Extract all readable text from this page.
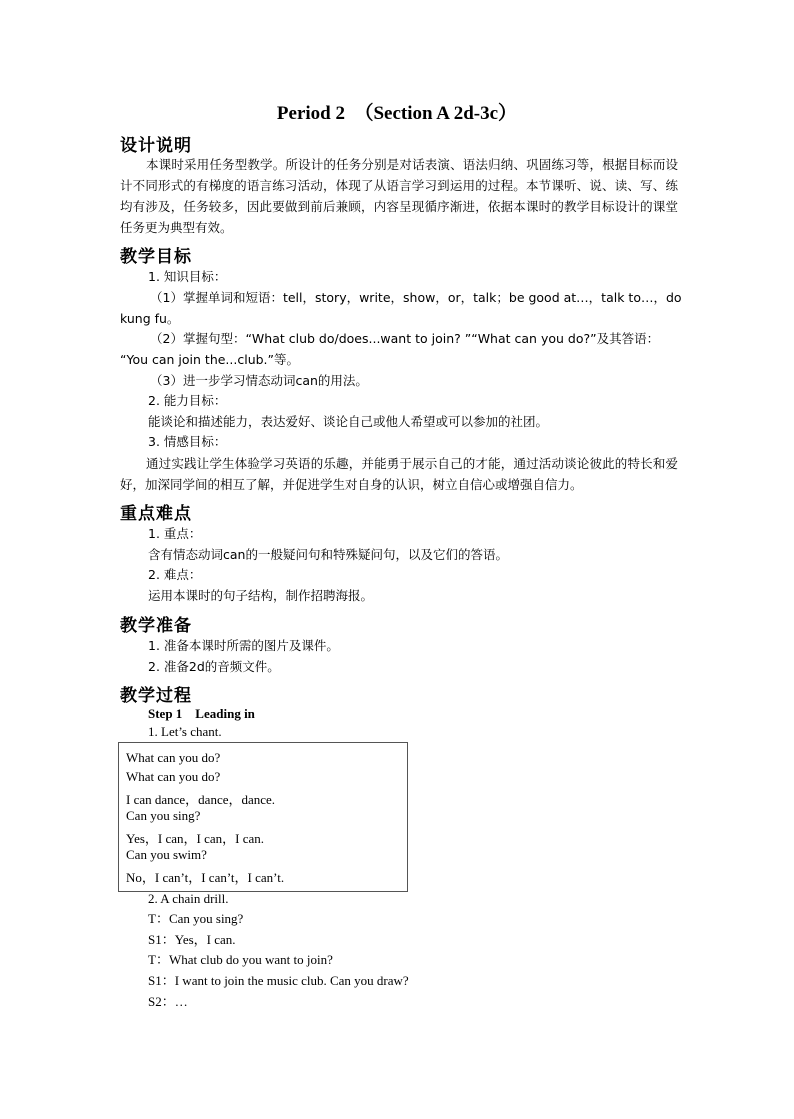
Period 2　（Section A 2d-3c）
设计说明
本课时采用任务型教学。所设计的任务分别是对话表演、语法归纳、巩固练习等，根据目标而设计不同形式的有梯度的语言练习活动，体现了从语言学习到运用的过程。本节课听、说、读、写、练均有涉及，任务较多，因此要做到前后兼顾，内容呈现循序渐进，依据本课时的教学目标设计的课堂任务更为典型有效。
教学目标
1. 知识目标：
（1）掌握单词和短语：tell，story，write，show，or，talk；be good at…，talk to…，do
kung fu。
（2）掌握句型：“What club do/does...want to join? ”“What can you do?”及其答语：
“You can join the...club.”等。
（3）进一步学习情态动词can的用法。
2. 能力目标：
能谈论和描述能力，表达爱好、谈论自己或他人希望或可以参加的社团。
3. 情感目标：
通过实践让学生体验学习英语的乐趣，并能勇于展示自己的才能，通过活动谈论彼此的特长和爱好，加深同学间的相互了解，并促进学生对自身的认识，树立自信心或增强自信力。
重点难点
1. 重点：
含有情态动词can的一般疑问句和特殊疑问句，以及它们的答语。
2. 难点：
运用本课时的句子结构，制作招聘海报。
教学准备
1. 准备本课时所需的图片及课件。
2. 准备2d的音频文件。
教学过程
Step 1　Leading in
1. Let’s chant.
What can you do?
What can you do?
I can dance，dance，dance.
Can you sing?
Yes，I can，I can，I can.
Can you swim?
No，I can’t，I can’t，I can’t.
2. A chain drill.
T：Can you sing?
S1：Yes，I can.
T：What club do you want to join?
S1：I want to join the music club. Can you draw?
S2：…
